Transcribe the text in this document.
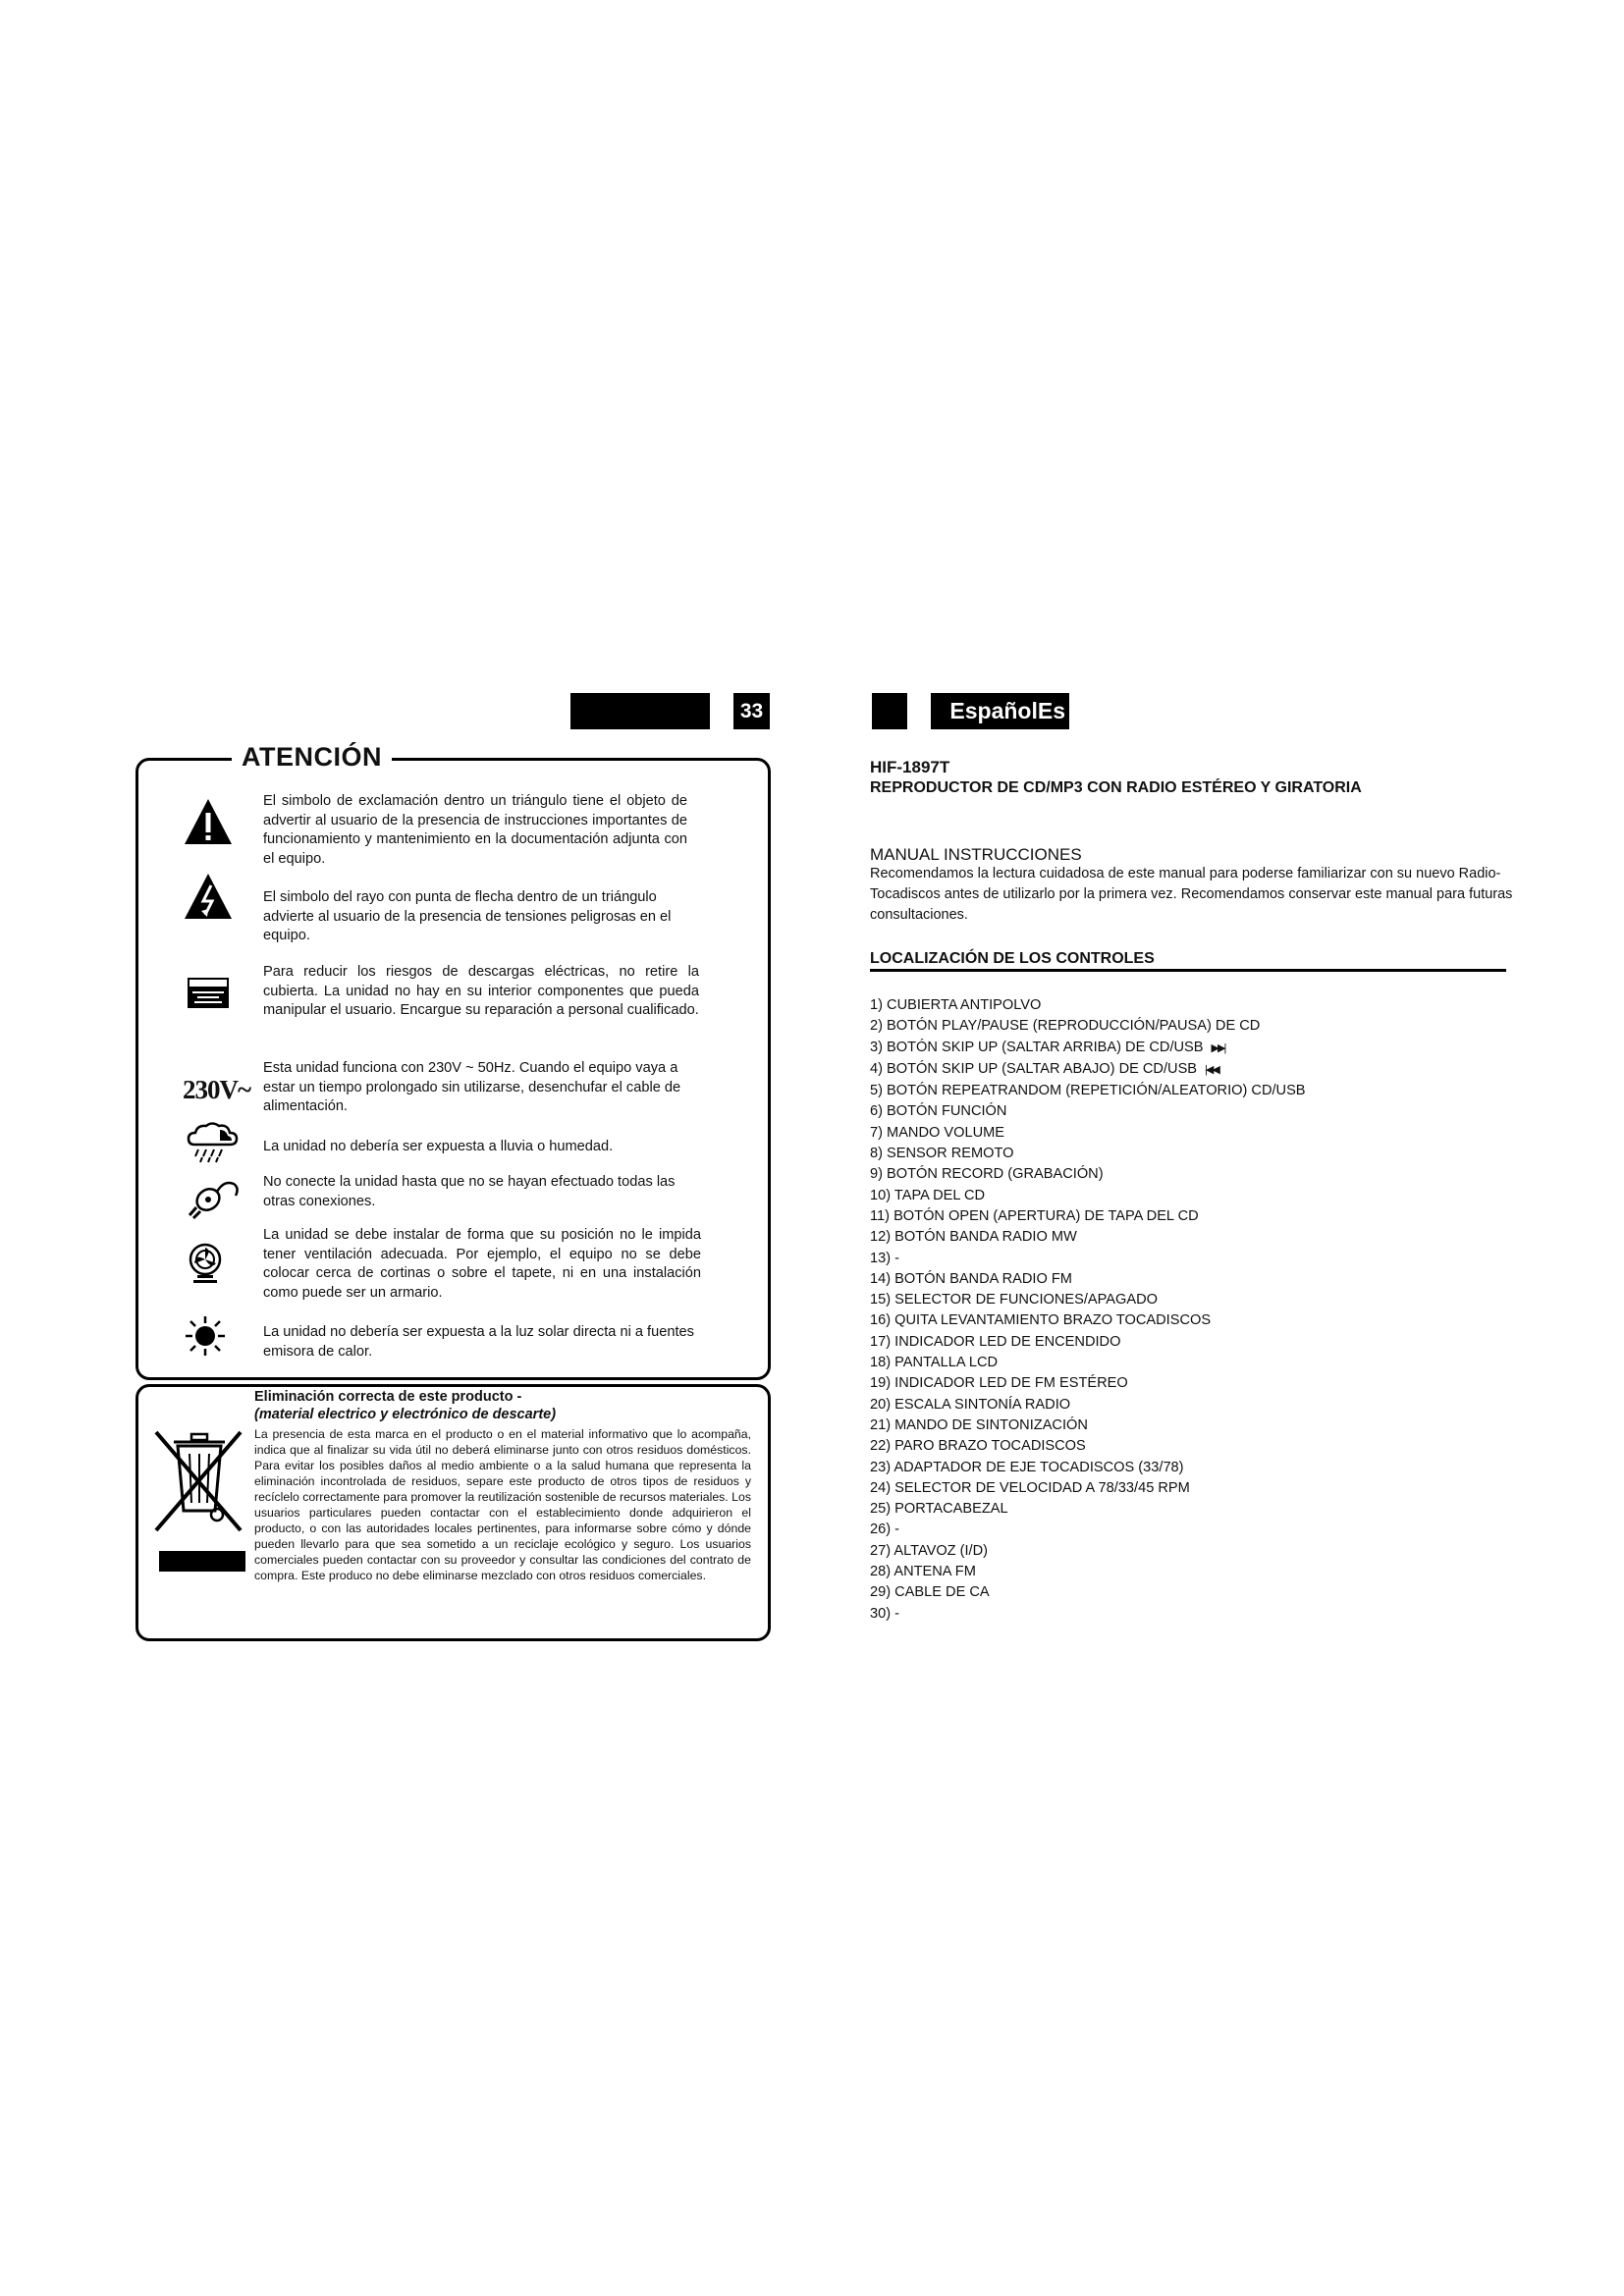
33	EspañolEs
ATENCIÓN
El simbolo de exclamación dentro un triángulo tiene el objeto de advertir al usuario de la presencia de instrucciones importantes de funcionamiento y mantenimiento en la documentación adjunta con el equipo.
El simbolo del rayo con punta de flecha dentro de un triángulo advierte al usuario de la presencia de tensiones peligrosas en el equipo.
Para reducir los riesgos de descargas eléctricas, no retire la cubierta. La unidad no hay en su interior componentes que pueda manipular el usuario. Encargue su reparación a personal cualificado.
230V~
Esta unidad funciona con 230V ~ 50Hz. Cuando el equipo vaya a estar un tiempo prolongado sin utilizarse, desenchufar el cable de alimentación.
La unidad no debería ser expuesta a lluvia o humedad.
No conecte la unidad hasta que no se hayan efectuado todas las otras conexiones.
La unidad se debe instalar de forma que su posición no le impida tener ventilación adecuada. Por ejemplo, el equipo no se debe colocar cerca de cortinas o sobre el tapete, ni en una instalación como puede ser un armario.
La unidad no debería ser expuesta a la luz solar directa ni a fuentes emisora de calor.
Eliminación correcta de este producto -
(material electrico y electrónico de descarte)
La presencia de esta marca en el producto o en el material informativo que lo acompaña, indica que al finalizar su vida útil no deberá eliminarse junto con otros residuos domésticos. Para evitar los posibles daños al medio ambiente o a la salud humana que representa la eliminación incontrolada de residuos, separe este producto de otros tipos de residuos y recíclelo correctamente para promover la reutilización sostenible de recursos materiales. Los usuarios particulares pueden contactar con el establecimiento donde adquirieron el producto, o con las autoridades locales pertinentes, para informarse sobre cómo y dónde pueden llevarlo para que sea sometido a un reciclaje ecológico y seguro. Los usuarios comerciales pueden contactar con su proveedor y consultar las condiciones del contrato de compra. Este produco no debe eliminarse mezclado con otros residuos comerciales.
HIF-1897T
REPRODUCTOR DE CD/MP3 CON RADIO ESTÉREO Y GIRATORIA
MANUAL INSTRUCCIONES
Recomendamos la lectura cuidadosa de este manual para poderse familiarizar con su nuevo Radio-Tocadiscos antes de utilizarlo por la primera vez. Recomendamos conservar este manual para futuras consultaciones.
LOCALIZACIÓN DE LOS CONTROLES
1) CUBIERTA ANTIPOLVO
2) BOTÓN PLAY/PAUSE (REPRODUCCIÓN/PAUSA) DE CD
3) BOTÓN SKIP UP (SALTAR ARRIBA) DE CD/USB ▶▶|
4) BOTÓN SKIP UP (SALTAR ABAJO) DE CD/USB |◀◀
5) BOTÓN REPEATRANDOM (REPETICIÓN/ALEATORIO) CD/USB
6) BOTÓN FUNCIÓN
7) MANDO VOLUME
8) SENSOR REMOTO
9) BOTÓN RECORD (GRABACIÓN)
10) TAPA DEL CD
11) BOTÓN OPEN (APERTURA) DE TAPA DEL CD
12) BOTÓN BANDA RADIO MW
13) -
14) BOTÓN BANDA RADIO FM
15) SELECTOR DE FUNCIONES/APAGADO
16) QUITA LEVANTAMIENTO BRAZO TOCADISCOS
17) INDICADOR LED DE ENCENDIDO
18) PANTALLA LCD
19) INDICADOR LED DE FM ESTÉREO
20) ESCALA SINTONÍA RADIO
21) MANDO DE SINTONIZACIÓN
22) PARO BRAZO TOCADISCOS
23) ADAPTADOR DE EJE TOCADISCOS (33/78)
24) SELECTOR DE VELOCIDAD A 78/33/45 RPM
25) PORTACABEZAL
26) -
27) ALTAVOZ (I/D)
28) ANTENA FM
29) CABLE DE CA
30) -
